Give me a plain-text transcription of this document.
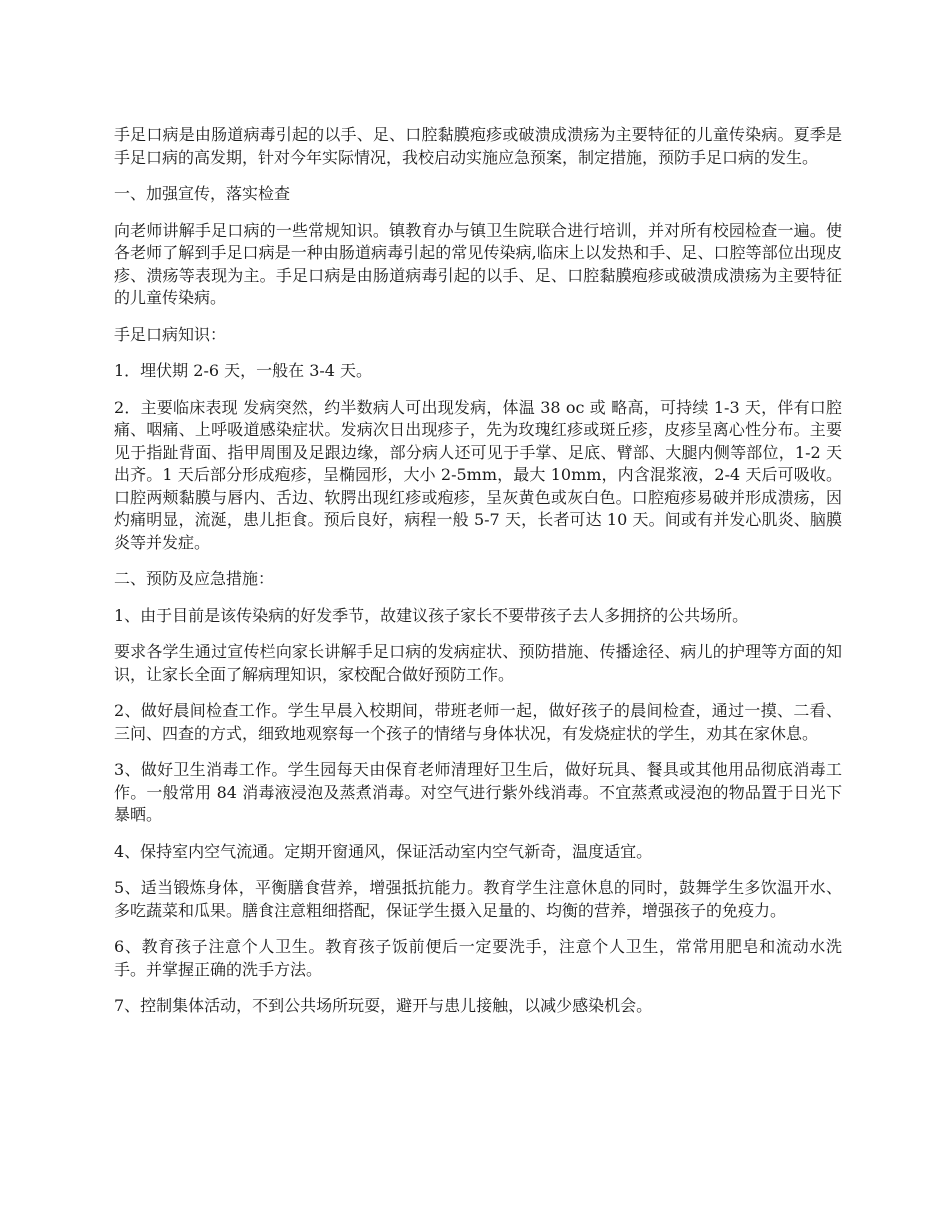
手足口病是由肠道病毒引起的以手、足、口腔黏膜疱疹或破溃成溃疡为主要特征的儿童传染病。夏季是手足口病的高发期，针对今年实际情况，我校启动实施应急预案，制定措施，预防手足口病的发生。

一、加强宣传，落实检查

向老师讲解手足口病的一些常规知识。镇教育办与镇卫生院联合进行培训，并对所有校园检查一遍。使各老师了解到手足口病是一种由肠道病毒引起的常见传染病,临床上以发热和手、足、口腔等部位出现皮疹、溃疡等表现为主。手足口病是由肠道病毒引起的以手、足、口腔黏膜疱疹或破溃成溃疡为主要特征的儿童传染病。

手足口病知识：

1．埋伏期 2-6 天，一般在 3-4 天。

2．主要临床表现 发病突然，约半数病人可出现发病，体温 38 oc 或 略高，可持续 1-3 天，伴有口腔痛、咽痛、上呼吸道感染症状。发病次日出现疹子，先为玫瑰红疹或斑丘疹，皮疹呈离心性分布。主要见于指趾背面、指甲周围及足跟边缘，部分病人还可见于手掌、足底、臂部、大腿内侧等部位，1-2 天出齐。1 天后部分形成疱疹，呈椭园形，大小 2-5mm，最大 10mm，内含混浆液，2-4 天后可吸收。口腔两颊黏膜与唇内、舌边、软腭出现红疹或疱疹，呈灰黄色或灰白色。口腔疱疹易破并形成溃疡，因灼痛明显，流涎，患儿拒食。预后良好，病程一般 5-7 天，长者可达 10 天。间或有并发心肌炎、脑膜炎等并发症。

二、预防及应急措施：

1、由于目前是该传染病的好发季节，故建议孩子家长不要带孩子去人多拥挤的公共场所。

要求各学生通过宣传栏向家长讲解手足口病的发病症状、预防措施、传播途径、病儿的护理等方面的知识，让家长全面了解病理知识，家校配合做好预防工作。

2、做好晨间检查工作。学生早晨入校期间，带班老师一起，做好孩子的晨间检查，通过一摸、二看、三问、四查的方式，细致地观察每一个孩子的情绪与身体状况，有发烧症状的学生，劝其在家休息。

3、做好卫生消毒工作。学生园每天由保育老师清理好卫生后，做好玩具、餐具或其他用品彻底消毒工作。一般常用 84 消毒液浸泡及蒸煮消毒。对空气进行紫外线消毒。不宜蒸煮或浸泡的物品置于日光下暴晒。

4、保持室内空气流通。定期开窗通风，保证活动室内空气新奇，温度适宜。

5、适当锻炼身体，平衡膳食营养，增强抵抗能力。教育学生注意休息的同时，鼓舞学生多饮温开水、多吃蔬菜和瓜果。膳食注意粗细搭配，保证学生摄入足量的、均衡的营养，增强孩子的免疫力。

6、教育孩子注意个人卫生。教育孩子饭前便后一定要洗手，注意个人卫生，常常用肥皂和流动水洗手。并掌握正确的洗手方法。

7、控制集体活动，不到公共场所玩耍，避开与患儿接触，以减少感染机会。
